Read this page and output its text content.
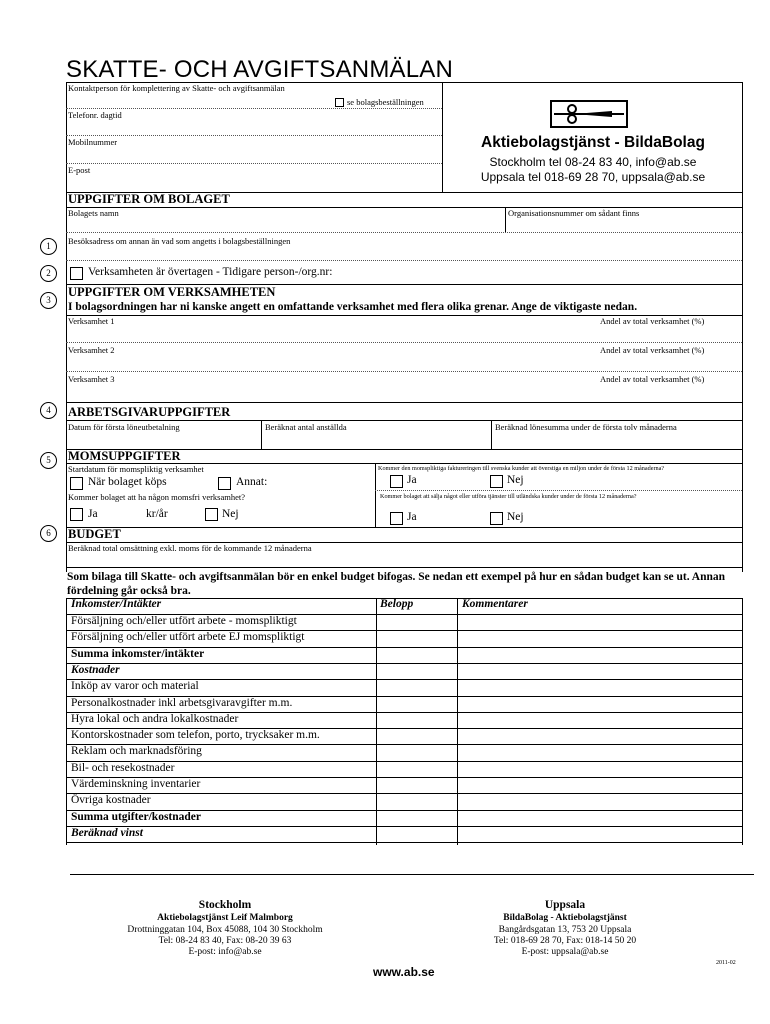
SKATTE- OCH AVGIFTSANMÄLAN
Kontaktperson för komplettering av Skatte- och avgiftsanmälan
se bolagsbeställningen
Telefonr. dagtid
Mobilnummer
E-post
Aktiebolagstjänst - BildaBolag
Stockholm tel 08-24 83 40, info@ab.se
Uppsala tel 018-69 28 70, uppsala@ab.se
UPPGIFTER OM BOLAGET
Bolagets namn	Organisationsnummer om sådant finns
Besöksadress om annan än vad som angetts i bolagsbeställningen
1
2	Verksamheten är övertagen - Tidigare person-/org.nr:
3
UPPGIFTER OM VERKSAMHETEN
I bolagsordningen har ni kanske angett en omfattande verksamhet med flera olika grenar. Ange de viktigaste nedan.
Verksamhet 1	Andel av total verksamhet (%)
Verksamhet 2	Andel av total verksamhet (%)
Verksamhet 3	Andel av total verksamhet (%)
4	ARBETSGIVARUPPGIFTER
Datum för första löneutbetalning	Beräknat antal anställda	Beräknad lönesumma under de första tolv månaderna
5	MOMSUPPGIFTER
Startdatum för momspliktig verksamhet
När bolaget köps	Annat:
Kommer bolaget att ha någon momsfri verksamhet?
Ja	kr/år	Nej
Kommer den momspliktiga faktureringen till svenska kunder att överstiga en miljon under de första 12 månaderna?
Ja	Nej
Kommer bolaget att sälja något eller utföra tjänster till utländska kunder under de första 12 månaderna?
Ja	Nej
6	BUDGET
Beräknad total omsättning exkl. moms för de kommande 12 månaderna
Som bilaga till Skatte- och avgiftsanmälan bör en enkel budget bifogas. Se nedan ett exempel på hur en sådan budget kan se ut. Annan fördelning går också bra.
Inkomster/Intäkter	Belopp	Kommentarer
Försäljning och/eller utfört arbete - momspliktigt
Försäljning och/eller utfört arbete EJ momspliktigt
Summa inkomster/intäkter
Kostnader
Inköp av varor och material
Personalkostnader inkl arbetsgivaravgifter m.m.
Hyra lokal och andra lokalkostnader
Kontorskostnader som telefon, porto, trycksaker m.m.
Reklam och marknadsföring
Bil- och resekostnader
Värdeminskning inventarier
Övriga kostnader
Summa utgifter/kostnader
Beräknad vinst
Stockholm
Aktiebolagstjänst Leif Malmborg
Drottninggatan 104, Box 45088, 104 30 Stockholm
Tel: 08-24 83 40, Fax: 08-20 39 63
E-post: info@ab.se
Uppsala
BildaBolag - Aktiebolagstjänst
Bangårdsgatan 13, 753 20 Uppsala
Tel: 018-69 28 70, Fax: 018-14 50 20
E-post: uppsala@ab.se
2011-02
www.ab.se
